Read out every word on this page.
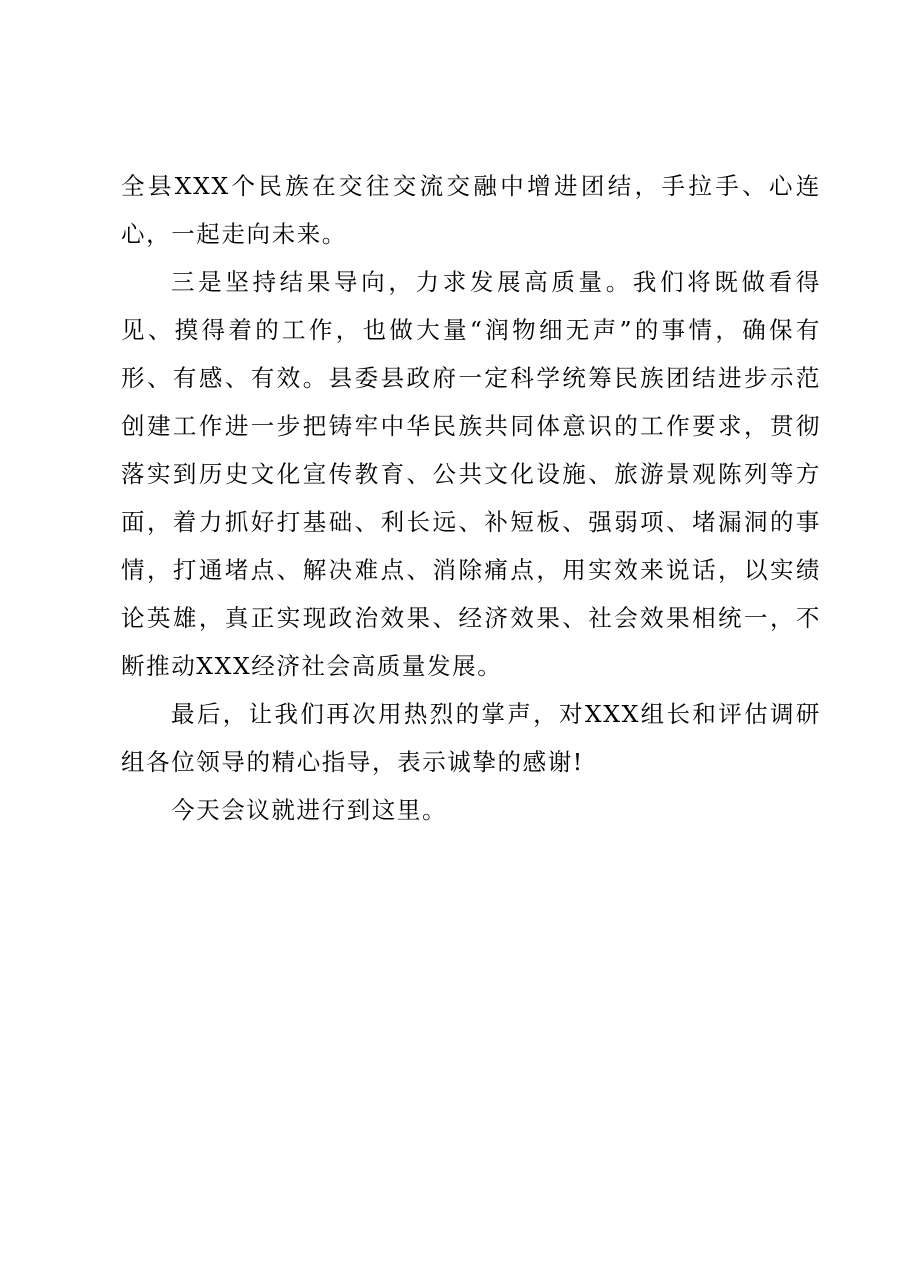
全县XXX个民族在交往交流交融中增进团结，手拉手、心连心，一起走向未来。

三是坚持结果导向，力求发展高质量。我们将既做看得见、摸得着的工作，也做大量“润物细无声”的事情，确保有形、有感、有效。县委县政府一定科学统筹民族团结进步示范创建工作进一步把铸牢中华民族共同体意识的工作要求，贯彻落实到历史文化宣传教育、公共文化设施、旅游景观陈列等方面，着力抓好打基础、利长远、补短板、强弱项、堵漏洞的事情，打通堵点、解决难点、消除痛点，用实效来说话，以实绩论英雄，真正实现政治效果、经济效果、社会效果相统一，不断推动XXX经济社会高质量发展。

最后，让我们再次用热烈的掌声，对XXX组长和评估调研组各位领导的精心指导，表示诚挚的感谢!

今天会议就进行到这里。
